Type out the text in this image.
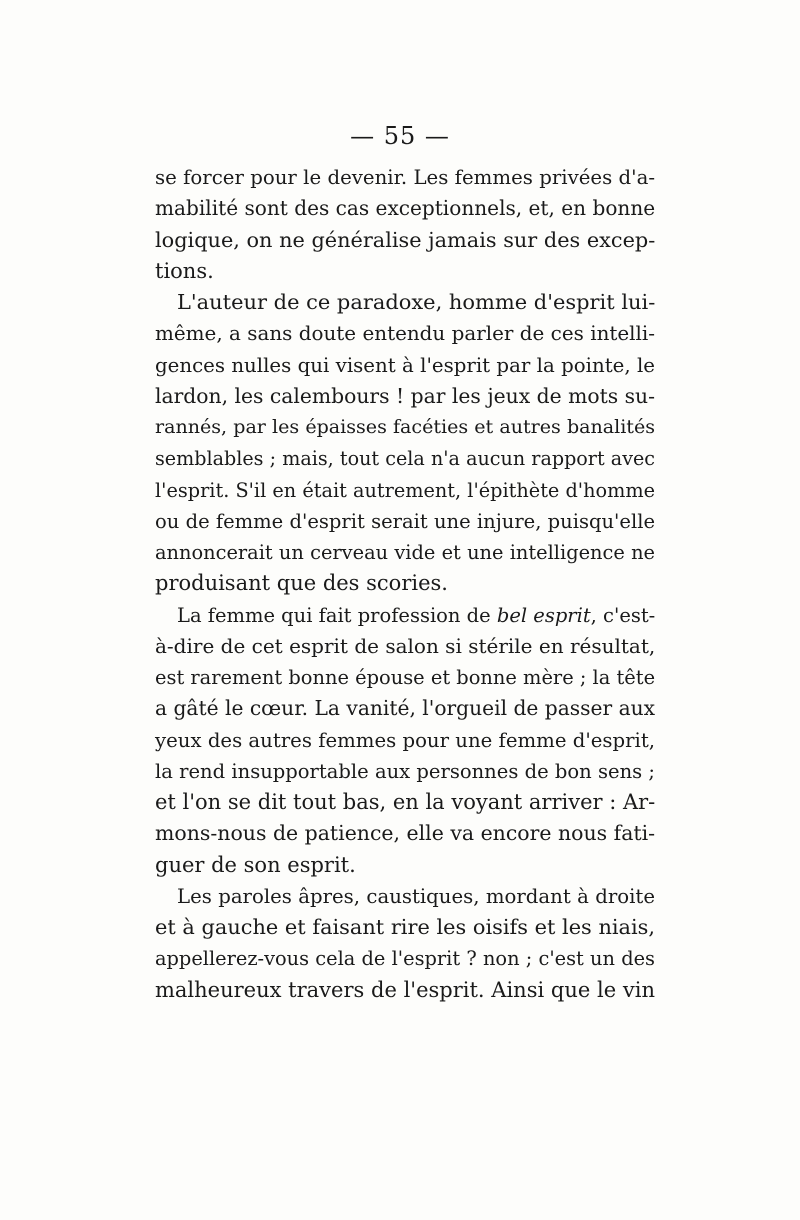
— 55 —
se forcer pour le devenir. Les femmes privées d'a-
mabilité sont des cas exceptionnels, et, en bonne
logique, on ne généralise jamais sur des excep-
tions.
L'auteur de ce paradoxe, homme d'esprit lui-
même, a sans doute entendu parler de ces intelli-
gences nulles qui visent à l'esprit par la pointe, le
lardon, les calembours ! par les jeux de mots su-
rannés, par les épaisses facéties et autres banalités
semblables ; mais, tout cela n'a aucun rapport avec
l'esprit. S'il en était autrement, l'épithète d'homme
ou de femme d'esprit serait une injure, puisqu'elle
annoncerait un cerveau vide et une intelligence ne
produisant que des scories.
La femme qui fait profession de bel esprit, c'est-
à-dire de cet esprit de salon si stérile en résultat,
est rarement bonne épouse et bonne mère ; la tête
a gâté le cœur. La vanité, l'orgueil de passer aux
yeux des autres femmes pour une femme d'esprit,
la rend insupportable aux personnes de bon sens ;
et l'on se dit tout bas, en la voyant arriver : Ar-
mons-nous de patience, elle va encore nous fati-
guer de son esprit.
Les paroles âpres, caustiques, mordant à droite
et à gauche et faisant rire les oisifs et les niais,
appellerez-vous cela de l'esprit ? non ; c'est un des
malheureux travers de l'esprit. Ainsi que le vin
